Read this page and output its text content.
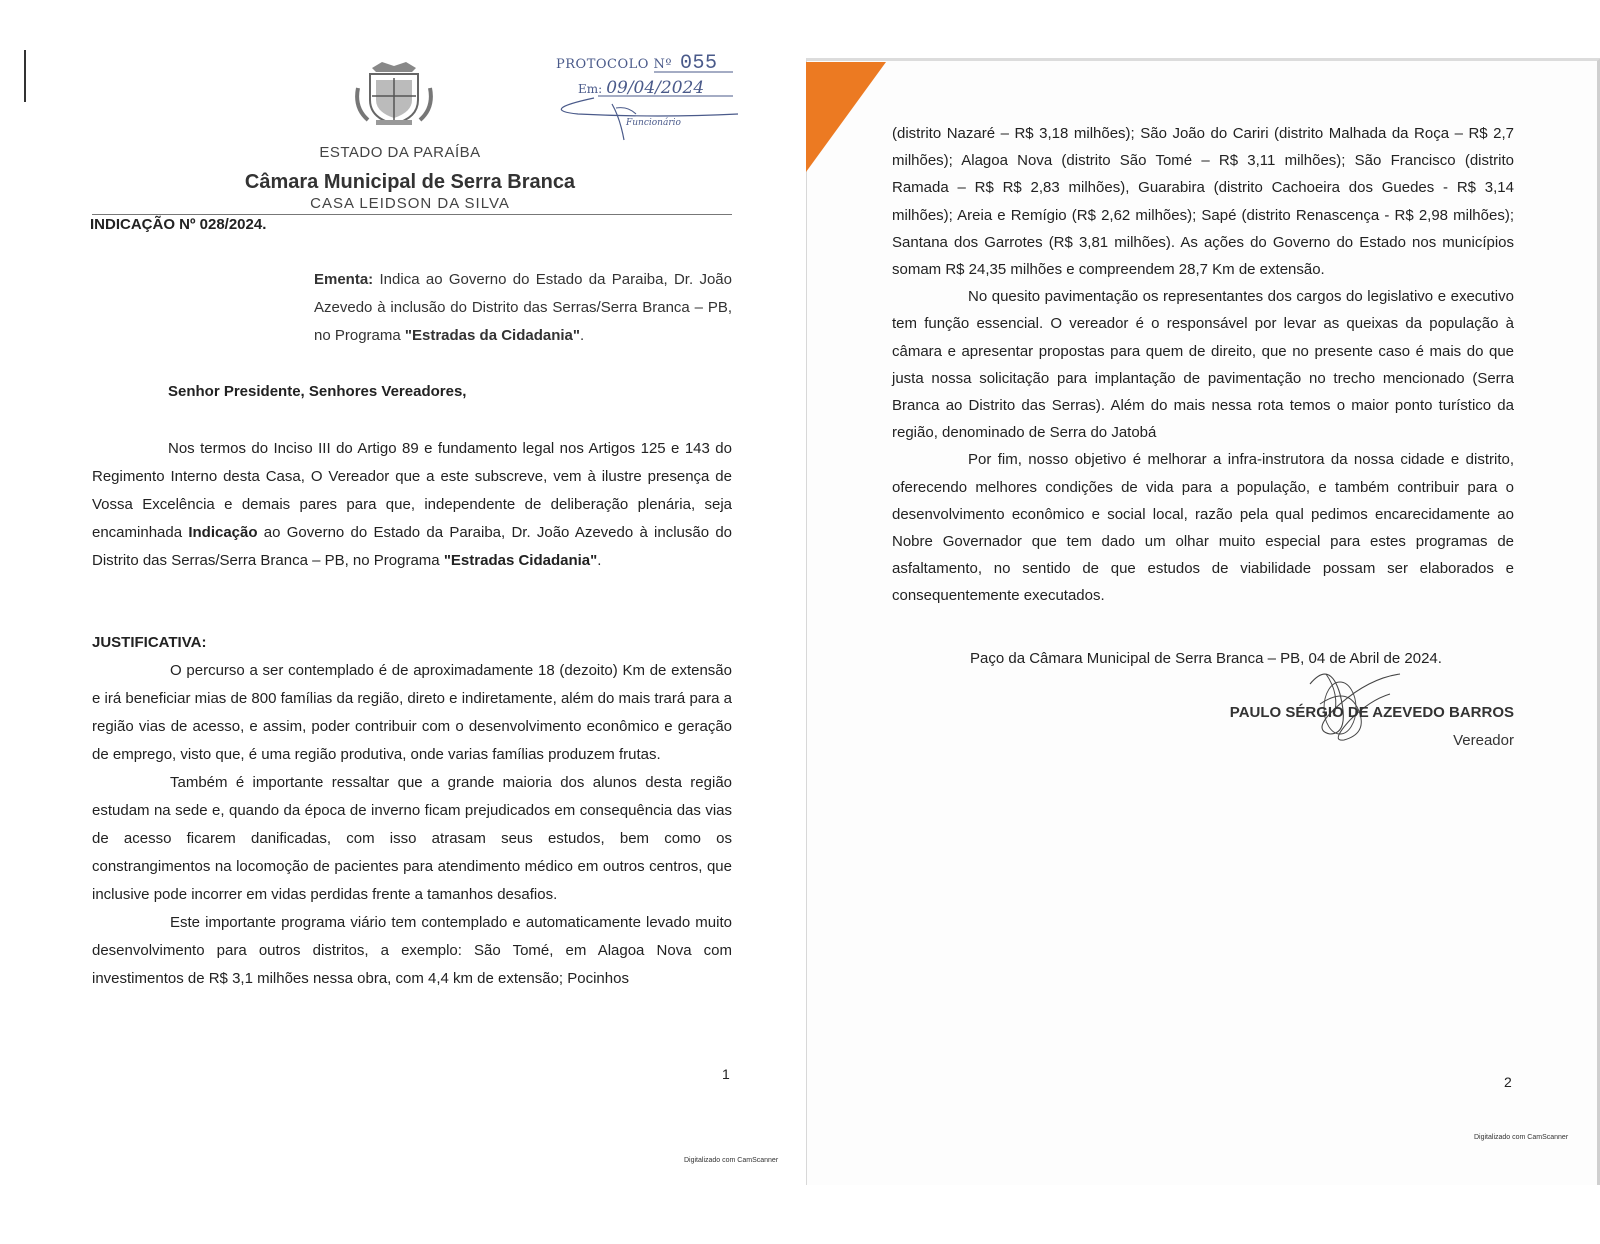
PROTOCOLO Nº 055
Em: 09/04/2024
Funcionário
ESTADO DA PARAÍBA
Câmara Municipal de Serra Branca
CASA LEIDSON DA SILVA
INDICAÇÃO Nº 028/2024.
Ementa: Indica ao Governo do Estado da Paraiba, Dr. João Azevedo à inclusão do Distrito das Serras/Serra Branca – PB, no Programa "Estradas da Cidadania".
Senhor Presidente, Senhores Vereadores,
Nos termos do Inciso III do Artigo 89 e fundamento legal nos Artigos 125 e 143 do Regimento Interno desta Casa, O Vereador que a este subscreve, vem à ilustre presença de Vossa Excelência e demais pares para que, independente de deliberação plenária, seja encaminhada Indicação ao Governo do Estado da Paraiba, Dr. João Azevedo à inclusão do Distrito das Serras/Serra Branca – PB, no Programa "Estradas Cidadania".
JUSTIFICATIVA:

O percurso a ser contemplado é de aproximadamente 18 (dezoito) Km de extensão e irá beneficiar mias de 800 famílias da região, direto e indiretamente, além do mais trará para a região vias de acesso, e assim, poder contribuir com o desenvolvimento econômico e geração de emprego, visto que, é uma região produtiva, onde varias famílias produzem frutas.

Também é importante ressaltar que a grande maioria dos alunos desta região estudam na sede e, quando da época de inverno ficam prejudicados em consequência das vias de acesso ficarem danificadas, com isso atrasam seus estudos, bem como os constrangimentos na locomoção de pacientes para atendimento médico em outros centros, que inclusive pode incorrer em vidas perdidas frente a tamanhos desafios.

Este importante programa viário tem contemplado e automaticamente levado muito desenvolvimento para outros distritos, a exemplo: São Tomé, em Alagoa Nova com investimentos de R$ 3,1 milhões nessa obra, com 4,4 km de extensão; Pocinhos

1
Digitalizado com CamScanner

(distrito Nazaré – R$ 3,18 milhões); São João do Cariri (distrito Malhada da Roça – R$ 2,7 milhões); Alagoa Nova (distrito São Tomé – R$ 3,11 milhões); São Francisco (distrito Ramada – R$ R$ 2,83 milhões), Guarabira (distrito Cachoeira dos Guedes - R$ 3,14 milhões); Areia e Remígio (R$ 2,62 milhões); Sapé (distrito Renascença - R$ 2,98 milhões); Santana dos Garrotes (R$ 3,81 milhões). As ações do Governo do Estado nos municípios somam R$ 24,35 milhões e compreendem 28,7 Km de extensão.

No quesito pavimentação os representantes dos cargos do legislativo e executivo tem função essencial. O vereador é o responsável por levar as queixas da população à câmara e apresentar propostas para quem de direito, que no presente caso é mais do que justa nossa solicitação para implantação de pavimentação no trecho mencionado (Serra Branca ao Distrito das Serras). Além do mais nessa rota temos o maior ponto turístico da região, denominado de Serra do Jatobá

Por fim, nosso objetivo é melhorar a infra-instrutora da nossa cidade e distrito, oferecendo melhores condições de vida para a população, e também contribuir para o desenvolvimento econômico e social local, razão pela qual pedimos encarecidamente ao Nobre Governador que tem dado um olhar muito especial para estes programas de asfaltamento, no sentido de que estudos de viabilidade possam ser elaborados e consequentemente executados.

Paço da Câmara Municipal de Serra Branca – PB, 04 de Abril de 2024.
PAULO SÉRGIO DE AZEVEDO BARROS
Vereador
2
Digitalizado com CamScanner
